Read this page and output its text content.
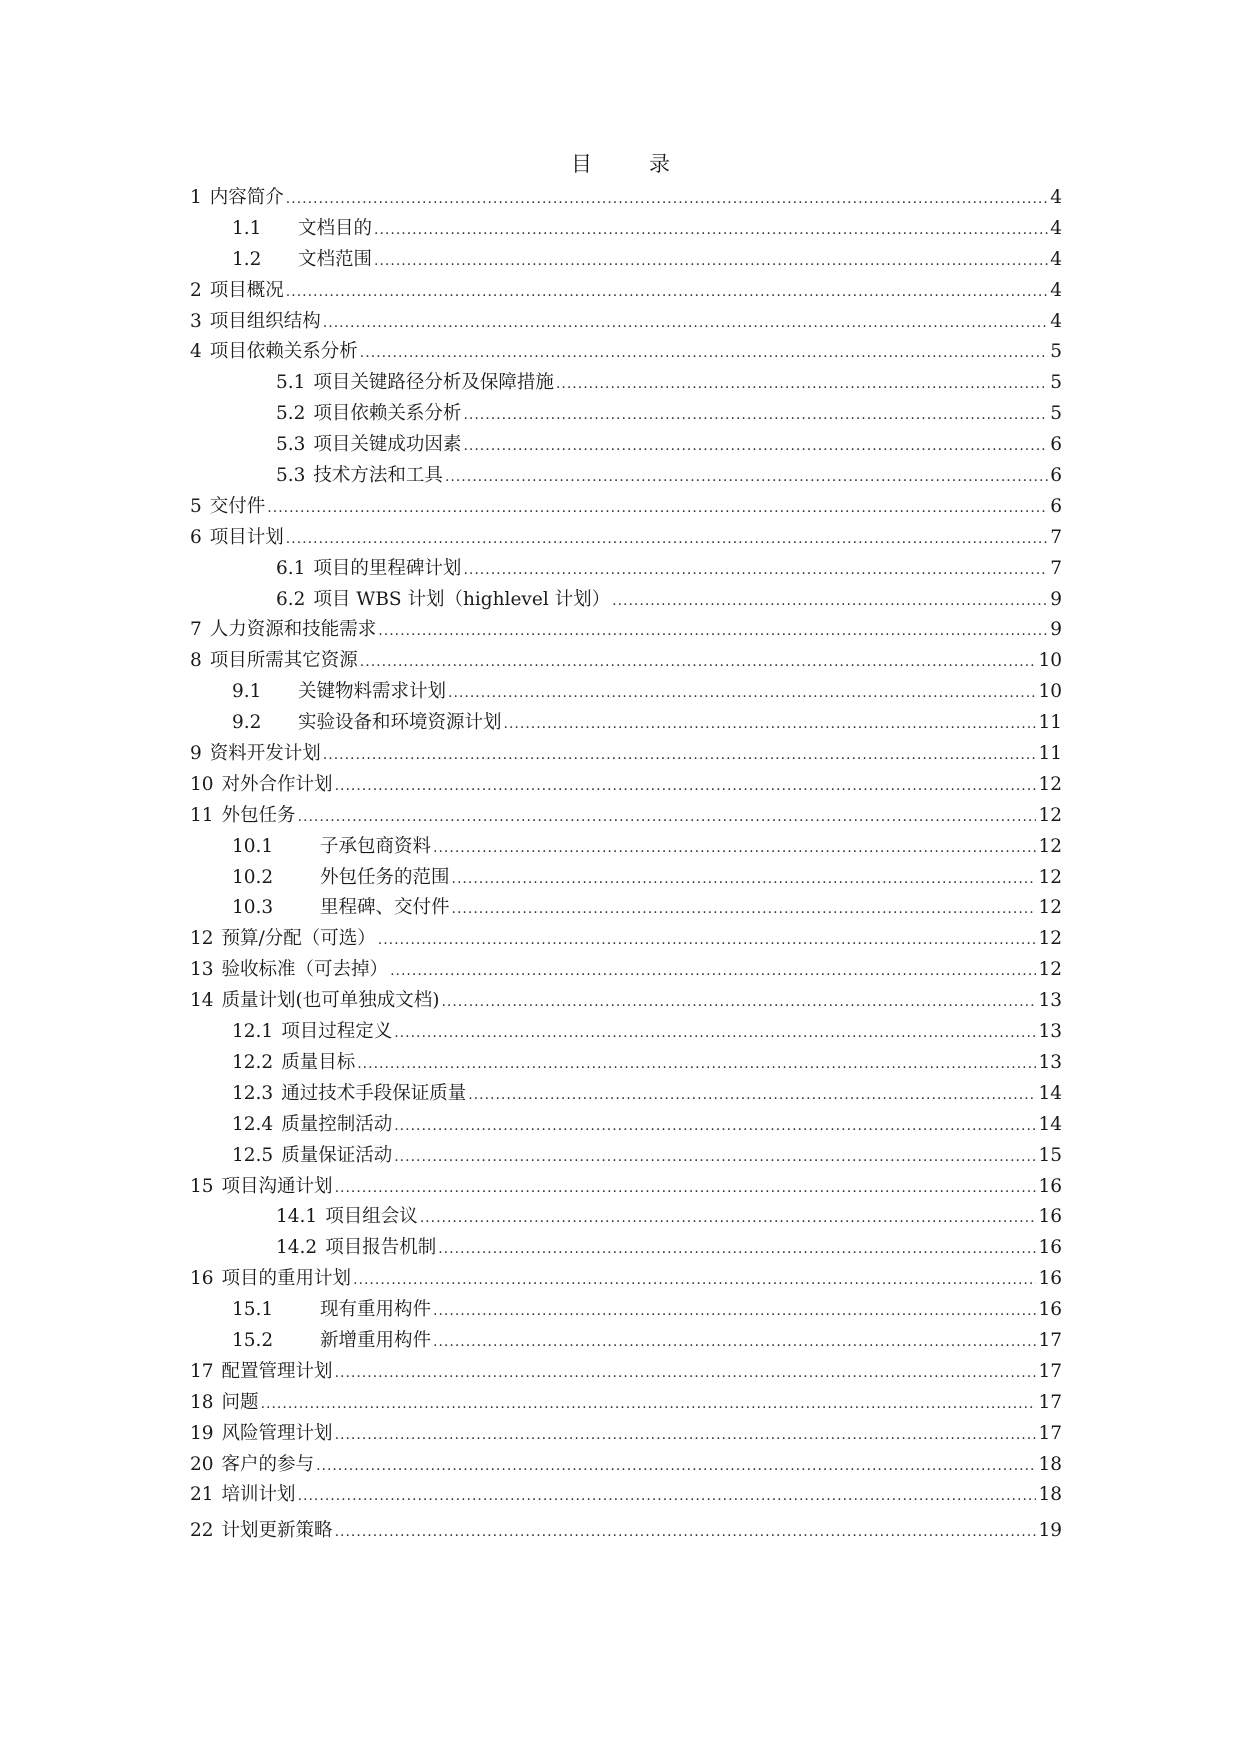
目　录
1 内容简介 .....	4
1.1	文档目的 .....	4
1.2	文档范围 .....	4
2 项目概况 .....	4
3 项目组织结构 .....	4
4 项目依赖关系分析 .....	5
5.1 项目关键路径分析及保障措施 .....	5
5.2 项目依赖关系分析 .....	5
5.3 项目关键成功因素 .....	6
5.3 技术方法和工具 .....	6
5 交付件 .....	6
6 项目计划 .....	7
6.1 项目的里程碑计划 .....	7
6.2 项目 WBS 计划（highlevel 计划） .....	9
7 人力资源和技能需求 .....	9
8 项目所需其它资源 .....	10
9.1	关键物料需求计划 .....	10
9.2	实验设备和环境资源计划 .....	11
9 资料开发计划 .....	11
10 对外合作计划 .....	12
11 外包任务 .....	12
10.1	子承包商资料 .....	12
10.2	外包任务的范围 .....	12
10.3	里程碑、交付件 .....	12
12 预算/分配（可选） .....	12
13 验收标准（可去掉） .....	12
14 质量计划(也可单独成文档) .....	13
12.1 项目过程定义 .....	13
12.2 质量目标 .....	13
12.3 通过技术手段保证质量 .....	14
12.4 质量控制活动 .....	14
12.5 质量保证活动 .....	15
15 项目沟通计划 .....	16
14.1 项目组会议 .....	16
14.2 项目报告机制 .....	16
16 项目的重用计划 .....	16
15.1	现有重用构件 .....	16
15.2	新增重用构件 .....	17
17 配置管理计划 .....	17
18 问题 .....	17
19 风险管理计划 .....	17
20 客户的参与 .....	18
21 培训计划 .....	18
22 计划更新策略 .....	19
